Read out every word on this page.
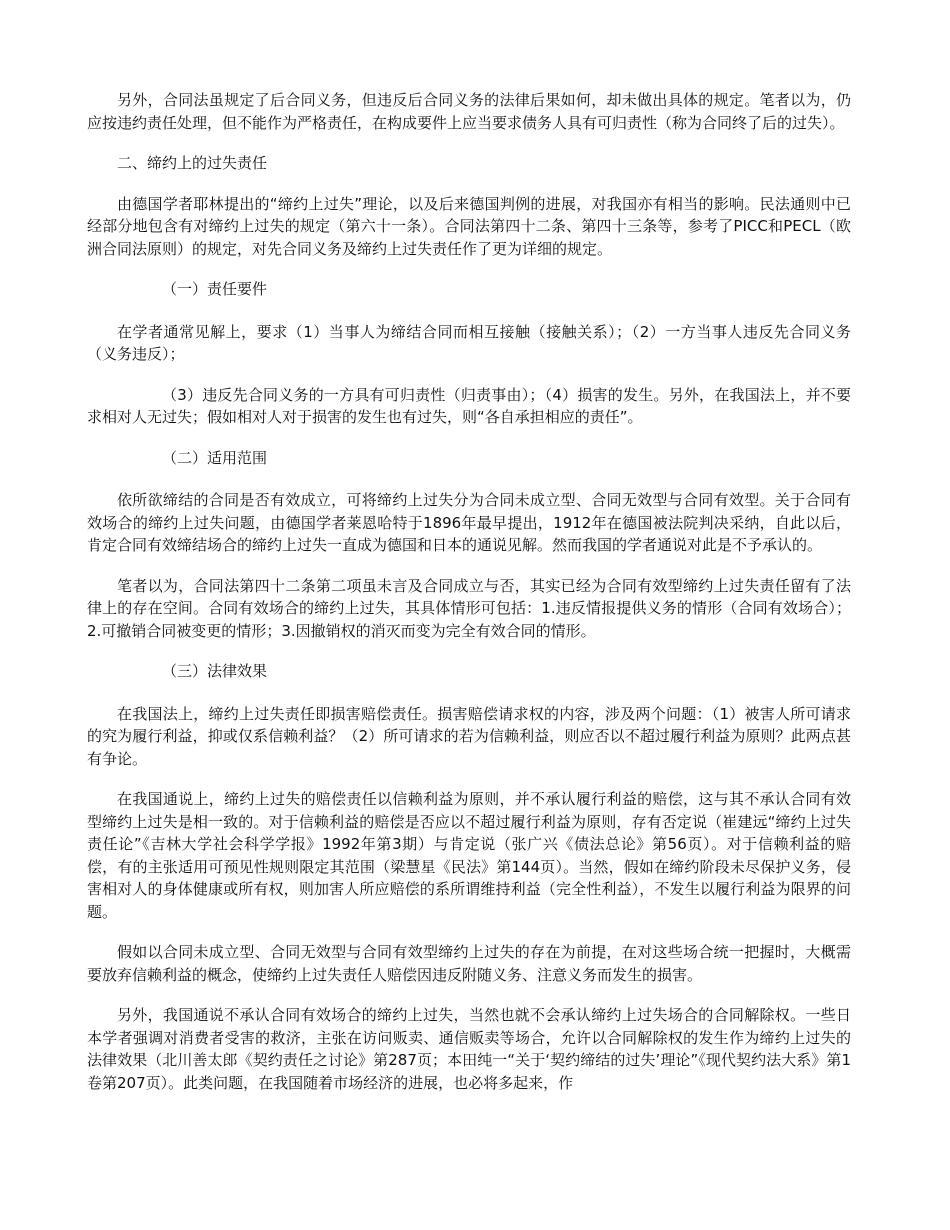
另外，合同法虽规定了后合同义务，但违反后合同义务的法律后果如何，却未做出具体的规定。笔者以为，仍应按违约责任处理，但不能作为严格责任，在构成要件上应当要求债务人具有可归责性（称为合同终了后的过失）。

二、缔约上的过失责任

由德国学者耶林提出的“缔约上过失”理论，以及后来德国判例的进展，对我国亦有相当的影响。民法通则中已经部分地包含有对缔约上过失的规定（第六十一条）。合同法第四十二条、第四十三条等，参考了PICC和PECL（欧洲合同法原则）的规定，对先合同义务及缔约上过失责任作了更为详细的规定。

（一）责任要件

在学者通常见解上，要求（1）当事人为缔结合同而相互接触（接触关系）；（2）一方当事人违反先合同义务（义务违反）；

（3）违反先合同义务的一方具有可归责性（归责事由）；（4）损害的发生。另外，在我国法上，并不要求相对人无过失；假如相对人对于损害的发生也有过失，则“各自承担相应的责任”。

（二）适用范围

依所欲缔结的合同是否有效成立，可将缔约上过失分为合同未成立型、合同无效型与合同有效型。关于合同有效场合的缔约上过失问题，由德国学者莱恩哈特于1896年最早提出，1912年在德国被法院判决采纳，自此以后，肯定合同有效缔结场合的缔约上过失一直成为德国和日本的通说见解。然而我国的学者通说对此是不予承认的。

笔者以为，合同法第四十二条第二项虽未言及合同成立与否，其实已经为合同有效型缔约上过失责任留有了法律上的存在空间。合同有效场合的缔约上过失，其具体情形可包括：1.违反情报提供义务的情形（合同有效场合）；2.可撤销合同被变更的情形；3.因撤销权的消灭而变为完全有效合同的情形。

（三）法律效果

在我国法上，缔约上过失责任即损害赔偿责任。损害赔偿请求权的内容，涉及两个问题：（1）被害人所可请求的究为履行利益，抑或仅系信赖利益？（2）所可请求的若为信赖利益，则应否以不超过履行利益为原则？此两点甚有争论。

在我国通说上，缔约上过失的赔偿责任以信赖利益为原则，并不承认履行利益的赔偿，这与其不承认合同有效型缔约上过失是相一致的。对于信赖利益的赔偿是否应以不超过履行利益为原则，存有否定说（崔建远“缔约上过失责任论”《吉林大学社会科学学报》1992年第3期）与肯定说（张广兴《债法总论》第56页）。对于信赖利益的赔偿，有的主张适用可预见性规则限定其范围（梁慧星《民法》第144页）。当然，假如在缔约阶段未尽保护义务，侵害相对人的身体健康或所有权，则加害人所应赔偿的系所谓维持利益（完全性利益），不发生以履行利益为限界的问题。

假如以合同未成立型、合同无效型与合同有效型缔约上过失的存在为前提，在对这些场合统一把握时，大概需要放弃信赖利益的概念，使缔约上过失责任人赔偿因违反附随义务、注意义务而发生的损害。

另外，我国通说不承认合同有效场合的缔约上过失，当然也就不会承认缔约上过失场合的合同解除权。一些日本学者强调对消费者受害的救济，主张在访问贩卖、通信贩卖等场合，允许以合同解除权的发生作为缔约上过失的法律效果（北川善太郎《契约责任之讨论》第287页；本田纯一“关于‘契约缔结的过失’理论”《现代契约法大系》第1卷第207页）。此类问题，在我国随着市场经济的进展，也必将多起来，作
